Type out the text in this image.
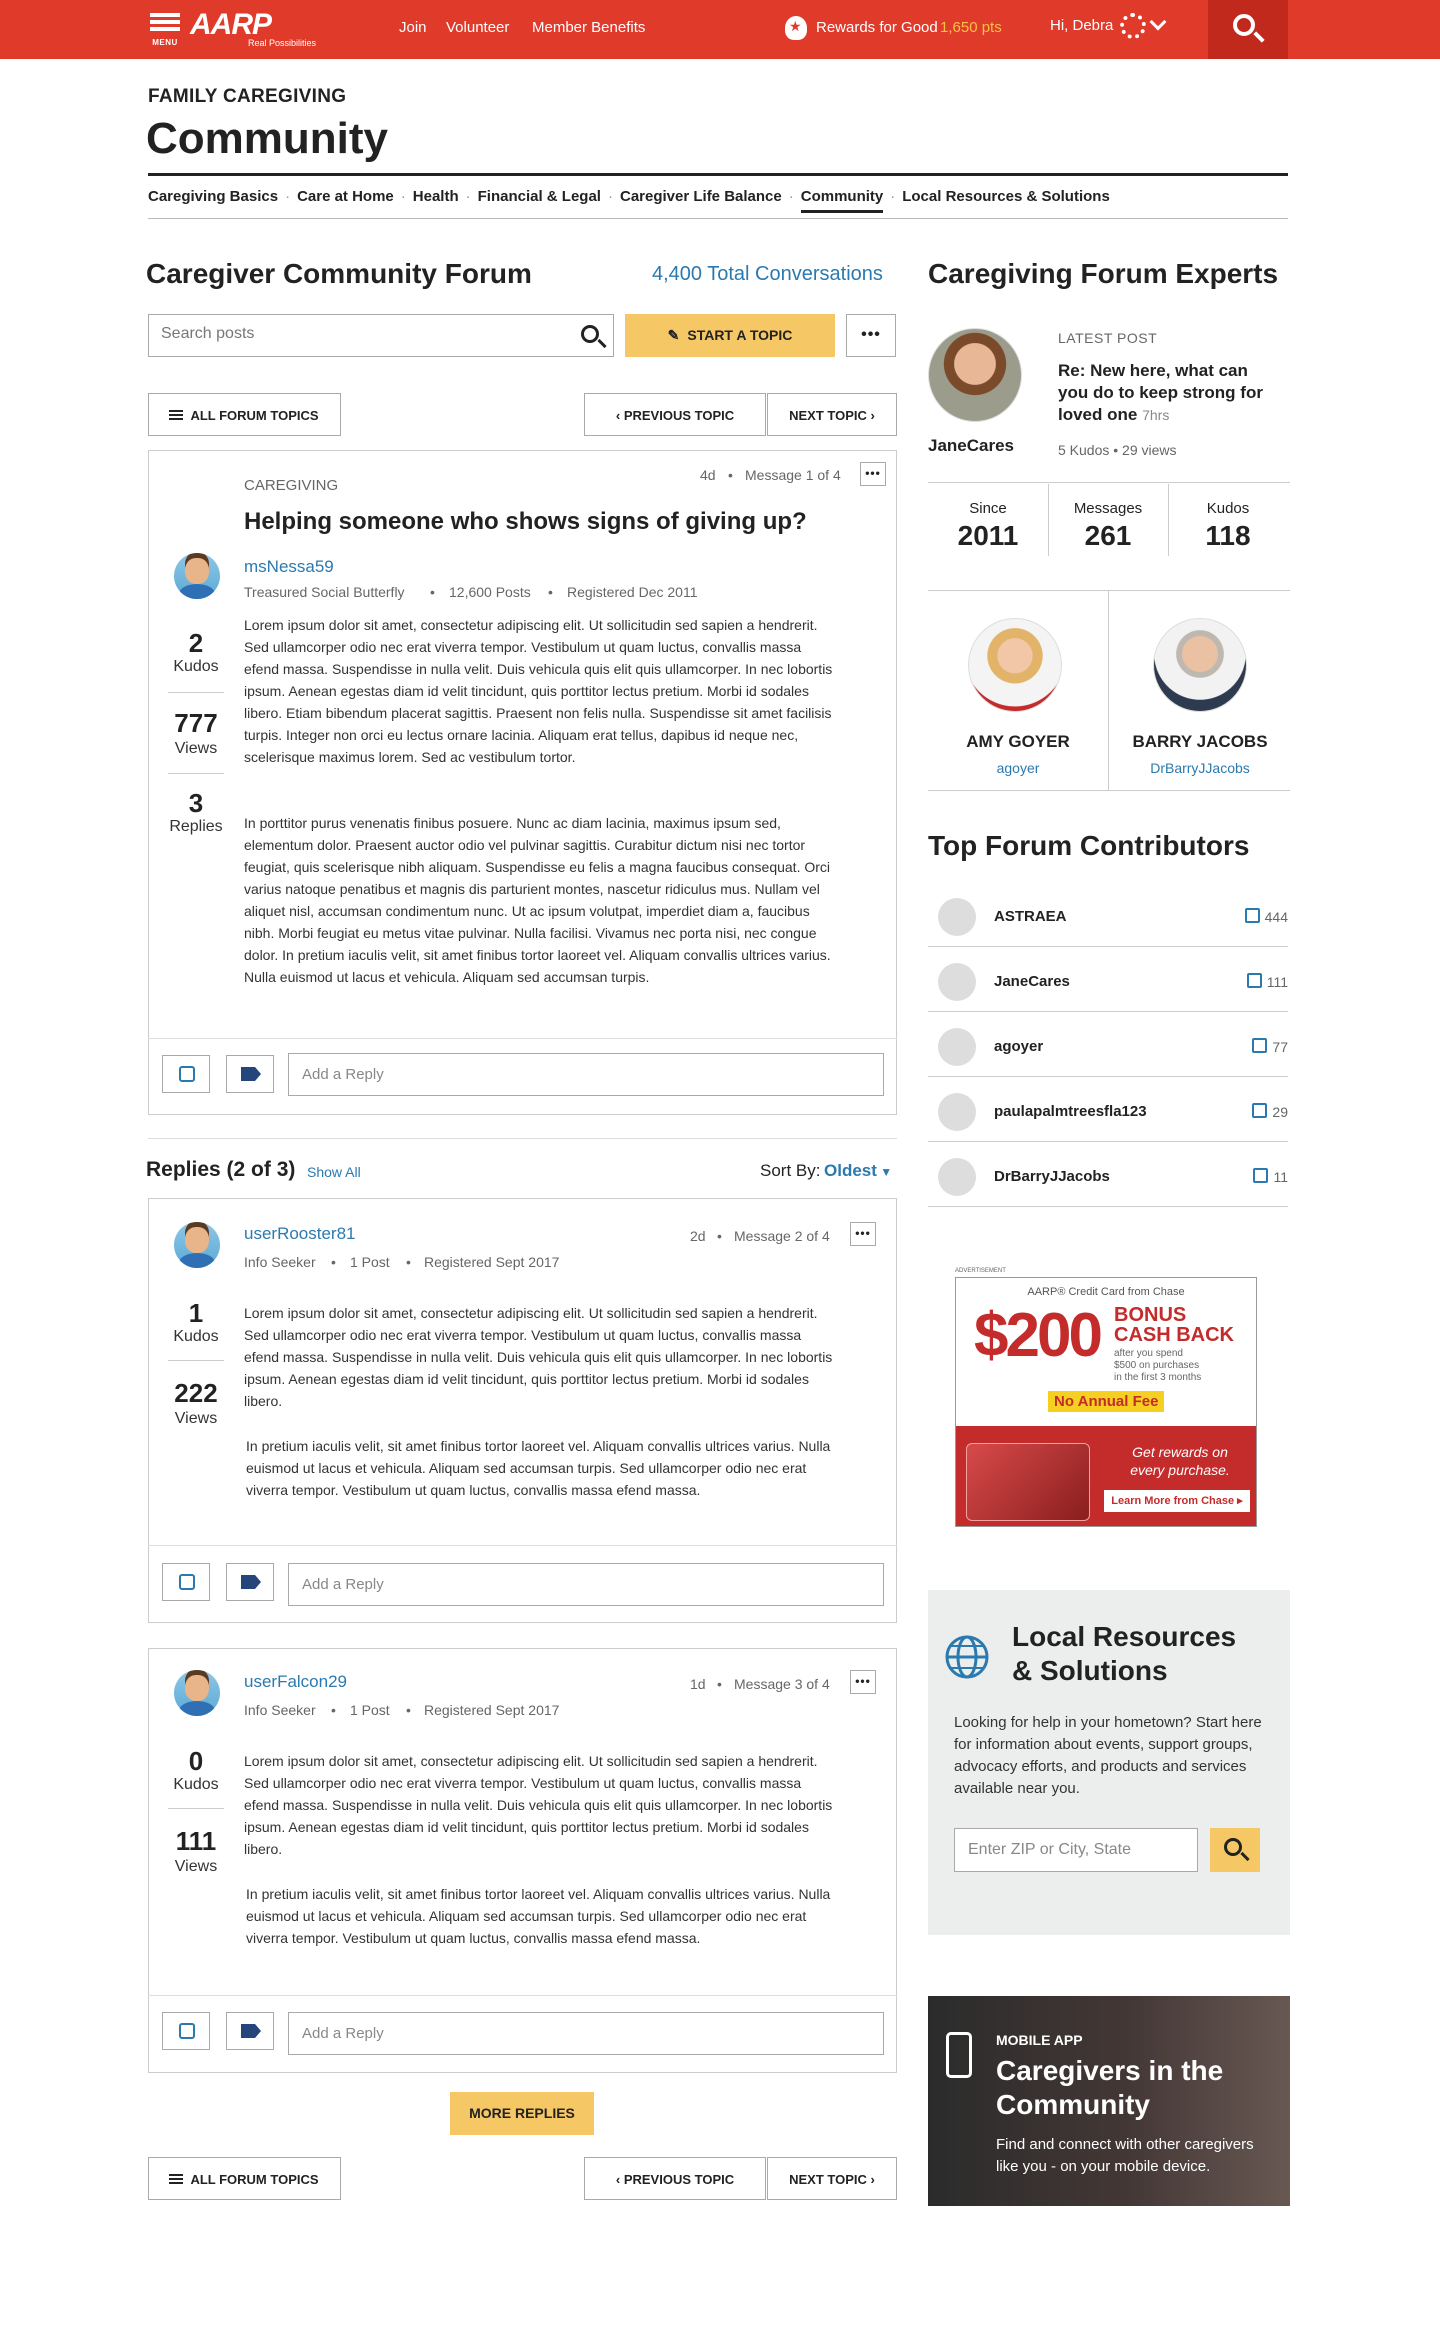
MENU
AARP
Real Possibilities
Join Volunteer Member Benefits ★	Rewards for Good 1,650 pts	Hi, Debra
FAMILY CAREGIVING
Community
Caregiving Basics · Care at Home · Health · Financial & Legal · Caregiver Life Balance · Community · Local Resources & Solutions
Caregiver Community Forum	4,400 Total Conversations
Search posts
✎ START A TOPIC	•••
ALL FORUM TOPICS	‹ PREVIOUS TOPIC	NEXT TOPIC ›
CAREGIVING
4d • Message 1 of 4	•••
Helping someone who shows signs of giving up?
msNessa59
Treasured Social Butterfly • 12,600 Posts • Registered Dec 2011
2
Kudos
777
Views
3
Replies
Lorem ipsum dolor sit amet, consectetur adipiscing elit. Ut sollicitudin sed sapien a hendrerit. Sed ullamcorper odio nec erat viverra tempor. Vestibulum ut quam luctus, convallis massa efend massa. Suspendisse in nulla velit. Duis vehicula quis elit quis ullamcorper. In nec lobortis ipsum. Aenean egestas diam id velit tincidunt, quis porttitor lectus pretium. Morbi id sodales libero. Etiam bibendum placerat sagittis. Praesent non felis nulla. Suspendisse sit amet facilisis turpis. Integer non orci eu lectus ornare lacinia. Aliquam erat tellus, dapibus id neque nec, scelerisque maximus lorem. Sed ac vestibulum tortor.
In porttitor purus venenatis finibus posuere. Nunc ac diam lacinia, maximus ipsum sed, elementum dolor. Praesent auctor odio vel pulvinar sagittis. Curabitur dictum nisi nec tortor feugiat, quis scelerisque nibh aliquam. Suspendisse eu felis a magna faucibus consequat. Orci varius natoque penatibus et magnis dis parturient montes, nascetur ridiculus mus. Nullam vel aliquet nisl, accumsan condimentum nunc. Ut ac ipsum volutpat, imperdiet diam a, faucibus nibh. Morbi feugiat eu metus vitae pulvinar. Nulla facilisi. Vivamus nec porta nisi, nec congue dolor. In pretium iaculis velit, sit amet finibus tortor laoreet vel. Aliquam convallis ultrices varius. Nulla euismod ut lacus et vehicula. Aliquam sed accumsan turpis.
Add a Reply
Replies (2 of 3) Show All	Sort By: Oldest ▼
userRooster81
Info Seeker • 1 Post • Registered Sept 2017
2d • Message 2 of 4	•••
1
Kudos
222
Views
Lorem ipsum dolor sit amet, consectetur adipiscing elit. Ut sollicitudin sed sapien a hendrerit. Sed ullamcorper odio nec erat viverra tempor. Vestibulum ut quam luctus, convallis massa efend massa. Suspendisse in nulla velit. Duis vehicula quis elit quis ullamcorper. In nec lobortis ipsum. Aenean egestas diam id velit tincidunt, quis porttitor lectus pretium. Morbi id sodales libero.
In pretium iaculis velit, sit amet finibus tortor laoreet vel. Aliquam convallis ultrices varius. Nulla euismod ut lacus et vehicula. Aliquam sed accumsan turpis. Sed ullamcorper odio nec erat viverra tempor. Vestibulum ut quam luctus, convallis massa efend massa.
Add a Reply
userFalcon29
Info Seeker • 1 Post • Registered Sept 2017
1d • Message 3 of 4	•••
0
Kudos
111
Views
Lorem ipsum dolor sit amet, consectetur adipiscing elit. Ut sollicitudin sed sapien a hendrerit. Sed ullamcorper odio nec erat viverra tempor. Vestibulum ut quam luctus, convallis massa efend massa. Suspendisse in nulla velit. Duis vehicula quis elit quis ullamcorper. In nec lobortis ipsum. Aenean egestas diam id velit tincidunt, quis porttitor lectus pretium. Morbi id sodales libero.
In pretium iaculis velit, sit amet finibus tortor laoreet vel. Aliquam convallis ultrices varius. Nulla euismod ut lacus et vehicula. Aliquam sed accumsan turpis. Sed ullamcorper odio nec erat viverra tempor. Vestibulum ut quam luctus, convallis massa efend massa.
Add a Reply
MORE REPLIES
ALL FORUM TOPICS	‹ PREVIOUS TOPIC	NEXT TOPIC ›
Caregiving Forum Experts
JaneCares
LATEST POST
Re: New here, what can you do to keep strong for loved one 7hrs
5 Kudos • 29 views
Since
2011
Messages
261
Kudos
118
AMY GOYER
agoyer
BARRY JACOBS
DrBarryJJacobs
Top Forum Contributors
ASTRAEA	444
JaneCares	111
agoyer	77
paulapalmtreesfla123	29
DrBarryJJacobs	11
ADVERTISEMENT
AARP® Credit Card from Chase
$200 BONUS
CASH BACK
after you spend
$500 on purchases
in the first 3 months
No Annual Fee
Get rewards on
every purchase.
Learn More from Chase ▸
Local Resources
& Solutions
Looking for help in your hometown? Start here for information about events, support groups, advocacy efforts, and products and services available near you.
Enter ZIP or City, State
MOBILE APP
Caregivers in the
Community
Find and connect with other caregivers like you - on your mobile device.
